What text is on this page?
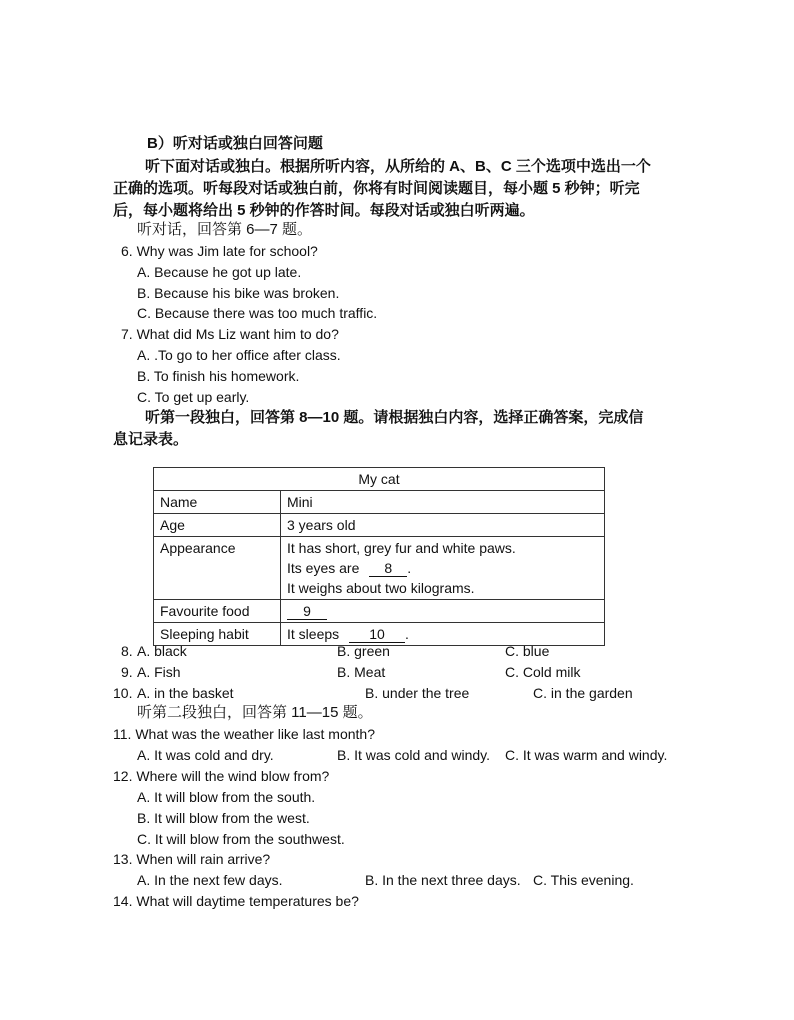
B）听对话或独白回答问题
听下面对话或独白。根据所听内容，从所给的 A、B、C 三个选项中选出一个
正确的选项。听每段对话或独白前，你将有时间阅读题目，每小题 5 秒钟；听完
后，每小题将给出 5 秒钟的作答时间。每段对话或独白听两遍。
听对话，回答第 6—7 题。
6. Why was Jim late for school?
A. Because he got up late.
B. Because his bike was broken.
C. Because there was too much traffic.
7. What did Ms Liz want him to do?
A. .To go to her office after class.
B. To finish his homework.
C. To get up early.
听第一段独白，回答第 8—10 题。请根据独白内容，选择正确答案，完成信
息记录表。
My cat	
Name	Mini
Age	3 years old
Appearance	It has short, grey fur and white paws.
Its eyes are 8 .
It weighs about two kilograms.

Favourite food	9
Sleeping habit	It sleeps 10 .
8. A. black	B. green	C. blue
9. A. Fish	B. Meat	C. Cold milk
10. A. in the basket	B. under the tree	C. in the garden
听第二段独白，回答第 11—15 题。
11. What was the weather like last month?
A. It was cold and dry.	B. It was cold and windy. C. It was warm and windy.
12. Where will the wind blow from?
A. It will blow from the south.
B. It will blow from the west.
C. It will blow from the southwest.
13. When will rain arrive?
A. In the next few days.	B. In the next three days. C. This evening.
14. What will daytime temperatures be?
